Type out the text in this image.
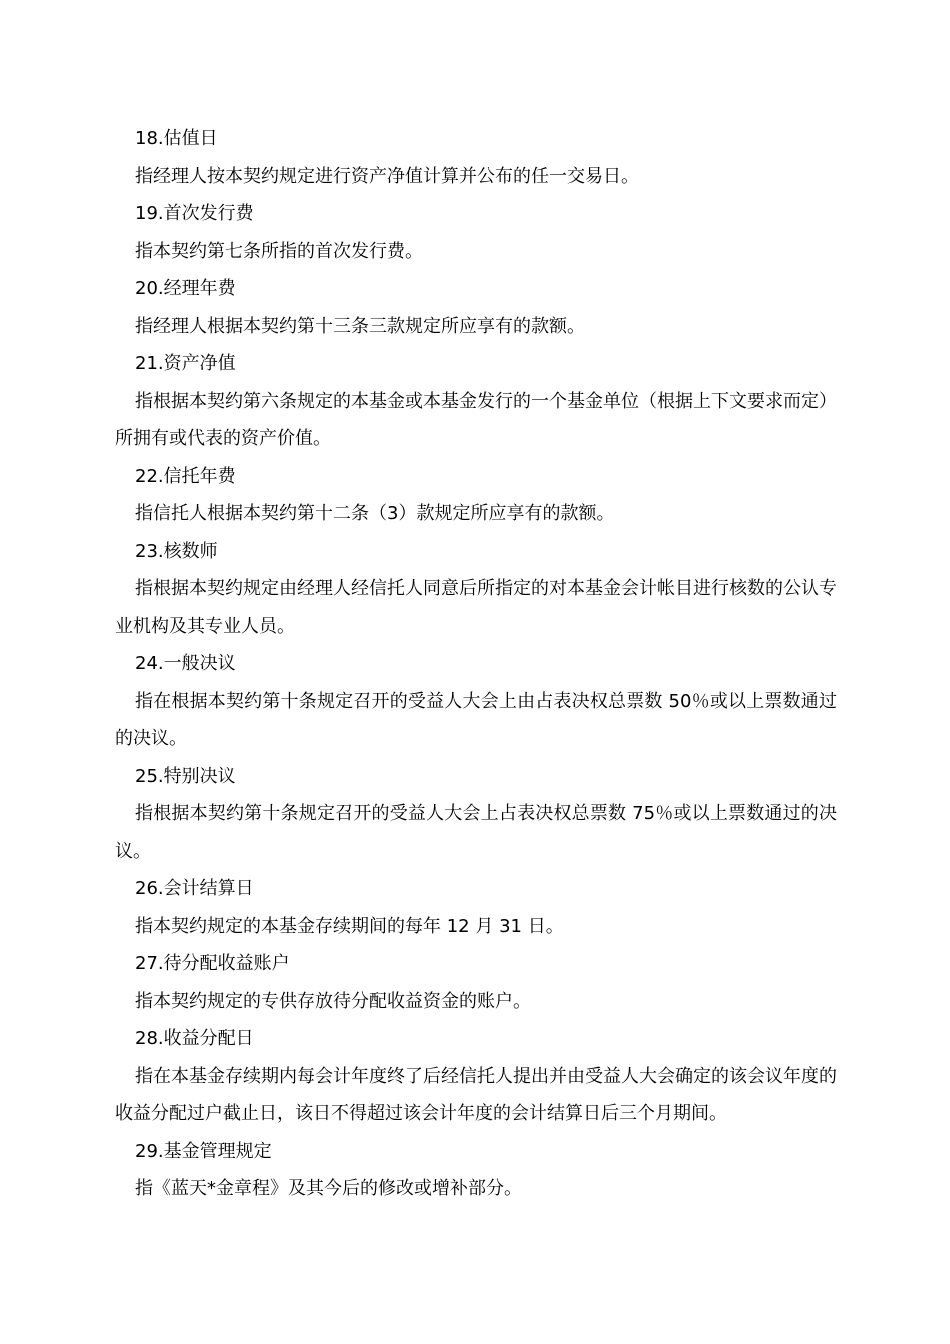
18.估值日

指经理人按本契约规定进行资产净值计算并公布的任一交易日。

19.首次发行费

指本契约第七条所指的首次发行费。

20.经理年费

指经理人根据本契约第十三条三款规定所应享有的款额。

21.资产净值

指根据本契约第六条规定的本基金或本基金发行的一个基金单位（根据上下文要求而定）所拥有或代表的资产价值。

22.信托年费

指信托人根据本契约第十二条（3）款规定所应享有的款额。

23.核数师

指根据本契约规定由经理人经信托人同意后所指定的对本基金会计帐目进行核数的公认专业机构及其专业人员。

24.一般决议

指在根据本契约第十条规定召开的受益人大会上由占表决权总票数 50％或以上票数通过的决议。

25.特别决议

指根据本契约第十条规定召开的受益人大会上占表决权总票数 75％或以上票数通过的决议。

26.会计结算日

指本契约规定的本基金存续期间的每年 12 月 31 日。

27.待分配收益账户

指本契约规定的专供存放待分配收益资金的账户。

28.收益分配日

指在本基金存续期内每会计年度终了后经信托人提出并由受益人大会确定的该会议年度的收益分配过户截止日，该日不得超过该会计年度的会计结算日后三个月期间。

29.基金管理规定

指《蓝天*金章程》及其今后的修改或增补部分。
